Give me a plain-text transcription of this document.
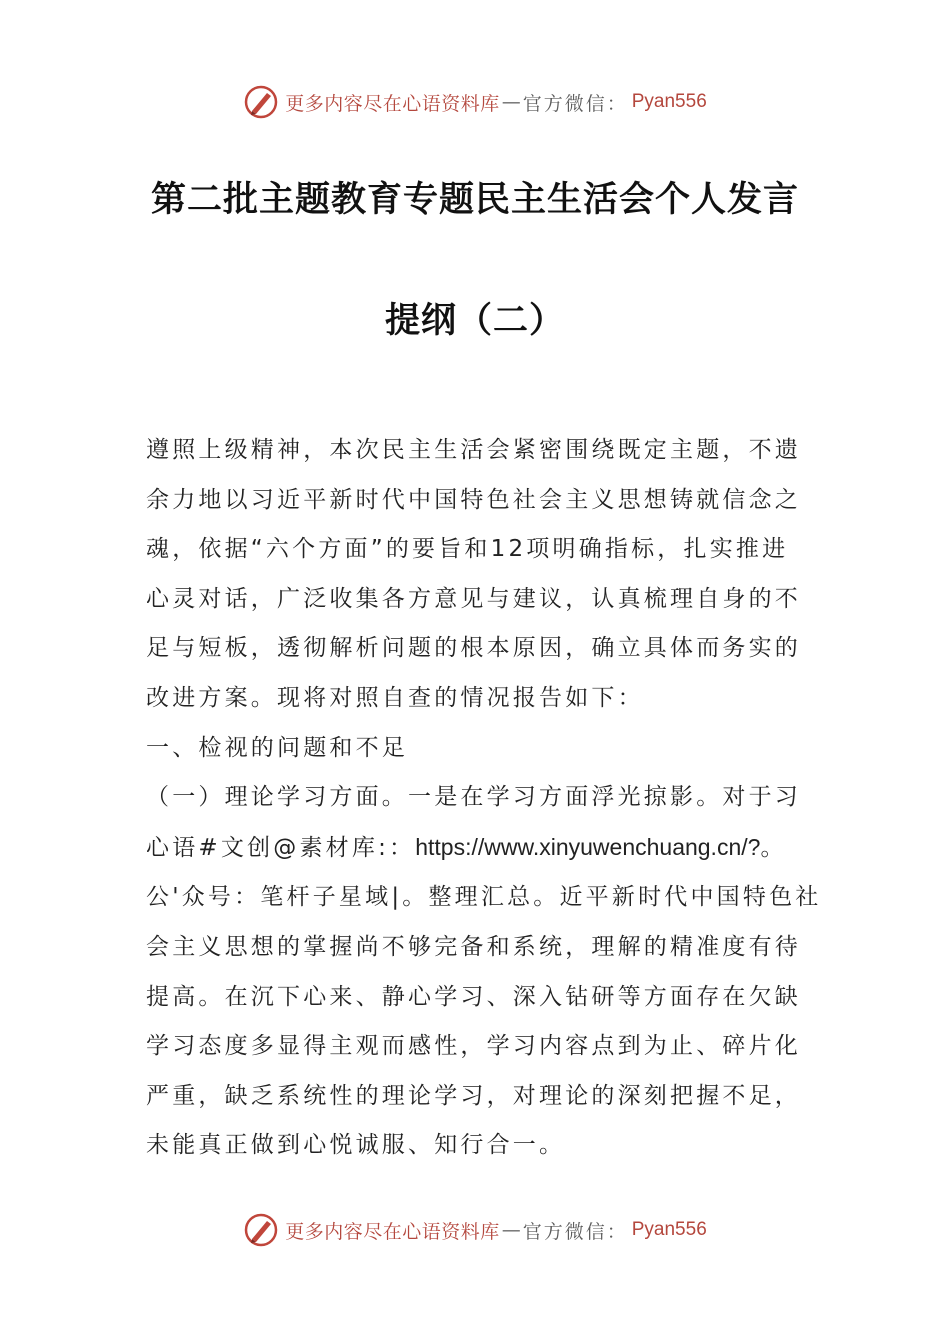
更多内容尽在心语资料库 — 官方微信： Pyan556
第二批主题教育专题民主生活会个人发言
提纲（二）
遵照上级精神，本次民主生活会紧密围绕既定主题，不遗
余力地以习近平新时代中国特色社会主义思想铸就信念之
魂，依据“六个方面”的要旨和12项明确指标，扎实推进
心灵对话，广泛收集各方意见与建议，认真梳理自身的不
足与短板，透彻解析问题的根本原因，确立具体而务实的
改进方案。现将对照自查的情况报告如下：
一、检视的问题和不足
（一）理论学习方面。一是在学习方面浮光掠影。对于习
心语#文创@素材库:：https://www.xinyuwenchuang.cn/?。
公'众号：笔杆子星域|。整理汇总。近平新时代中国特色社
会主义思想的掌握尚不够完备和系统，理解的精准度有待
提高。在沉下心来、静心学习、深入钻研等方面存在欠缺
学习态度多显得主观而感性，学习内容点到为止、碎片化
严重，缺乏系统性的理论学习，对理论的深刻把握不足，
未能真正做到心悦诚服、知行合一。
更多内容尽在心语资料库 — 官方微信： Pyan556
